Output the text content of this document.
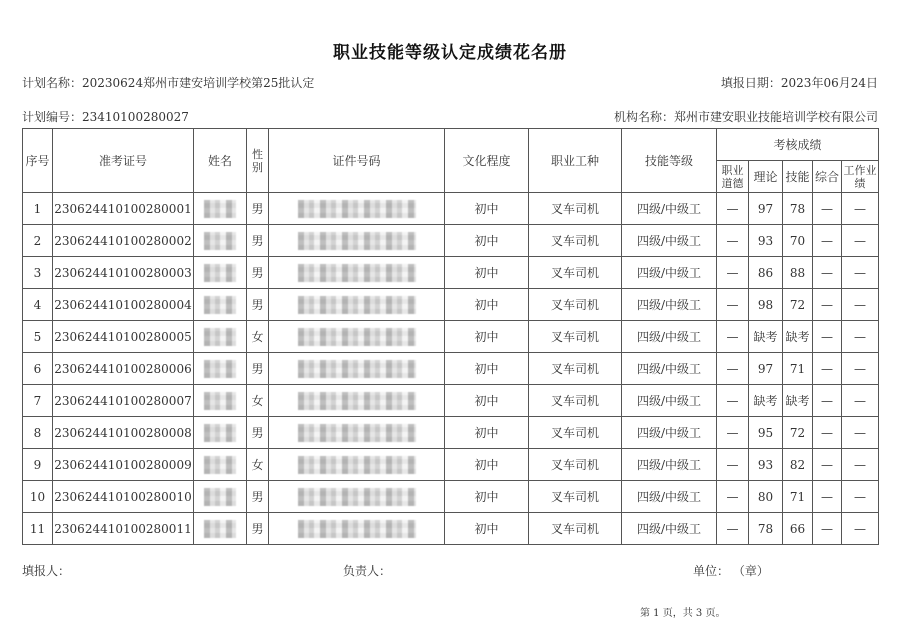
职业技能等级认定成绩花名册
计划名称：20230624郑州市建安培训学校第25批认定	填报日期：2023年06月24日
计划编号：23410100280027	机构名称：郑州市建安职业技能培训学校有限公司
序号	准考证号	姓名	性别	证件号码	文化程度	职业工种	技能等级	考核成绩				
								职业道德	理论	技能	综合	工作业绩
1	230624410100280001		男		初中	叉车司机	四级/中级工	—	97	78	—	—
2	230624410100280002		男		初中	叉车司机	四级/中级工	—	93	70	—	—
3	230624410100280003		男		初中	叉车司机	四级/中级工	—	86	88	—	—
4	230624410100280004		男		初中	叉车司机	四级/中级工	—	98	72	—	—
5	230624410100280005		女		初中	叉车司机	四级/中级工	—	缺考	缺考	—	—
6	230624410100280006		男		初中	叉车司机	四级/中级工	—	97	71	—	—
7	230624410100280007		女		初中	叉车司机	四级/中级工	—	缺考	缺考	—	—
8	230624410100280008		男		初中	叉车司机	四级/中级工	—	95	72	—	—
9	230624410100280009		女		初中	叉车司机	四级/中级工	—	93	82	—	—
10	230624410100280010		男		初中	叉车司机	四级/中级工	—	80	71	—	—
11	230624410100280011		男		初中	叉车司机	四级/中级工	—	78	66	—	—
填报人：	负责人：	单位： （章）
第 1 页，共 3 页。
